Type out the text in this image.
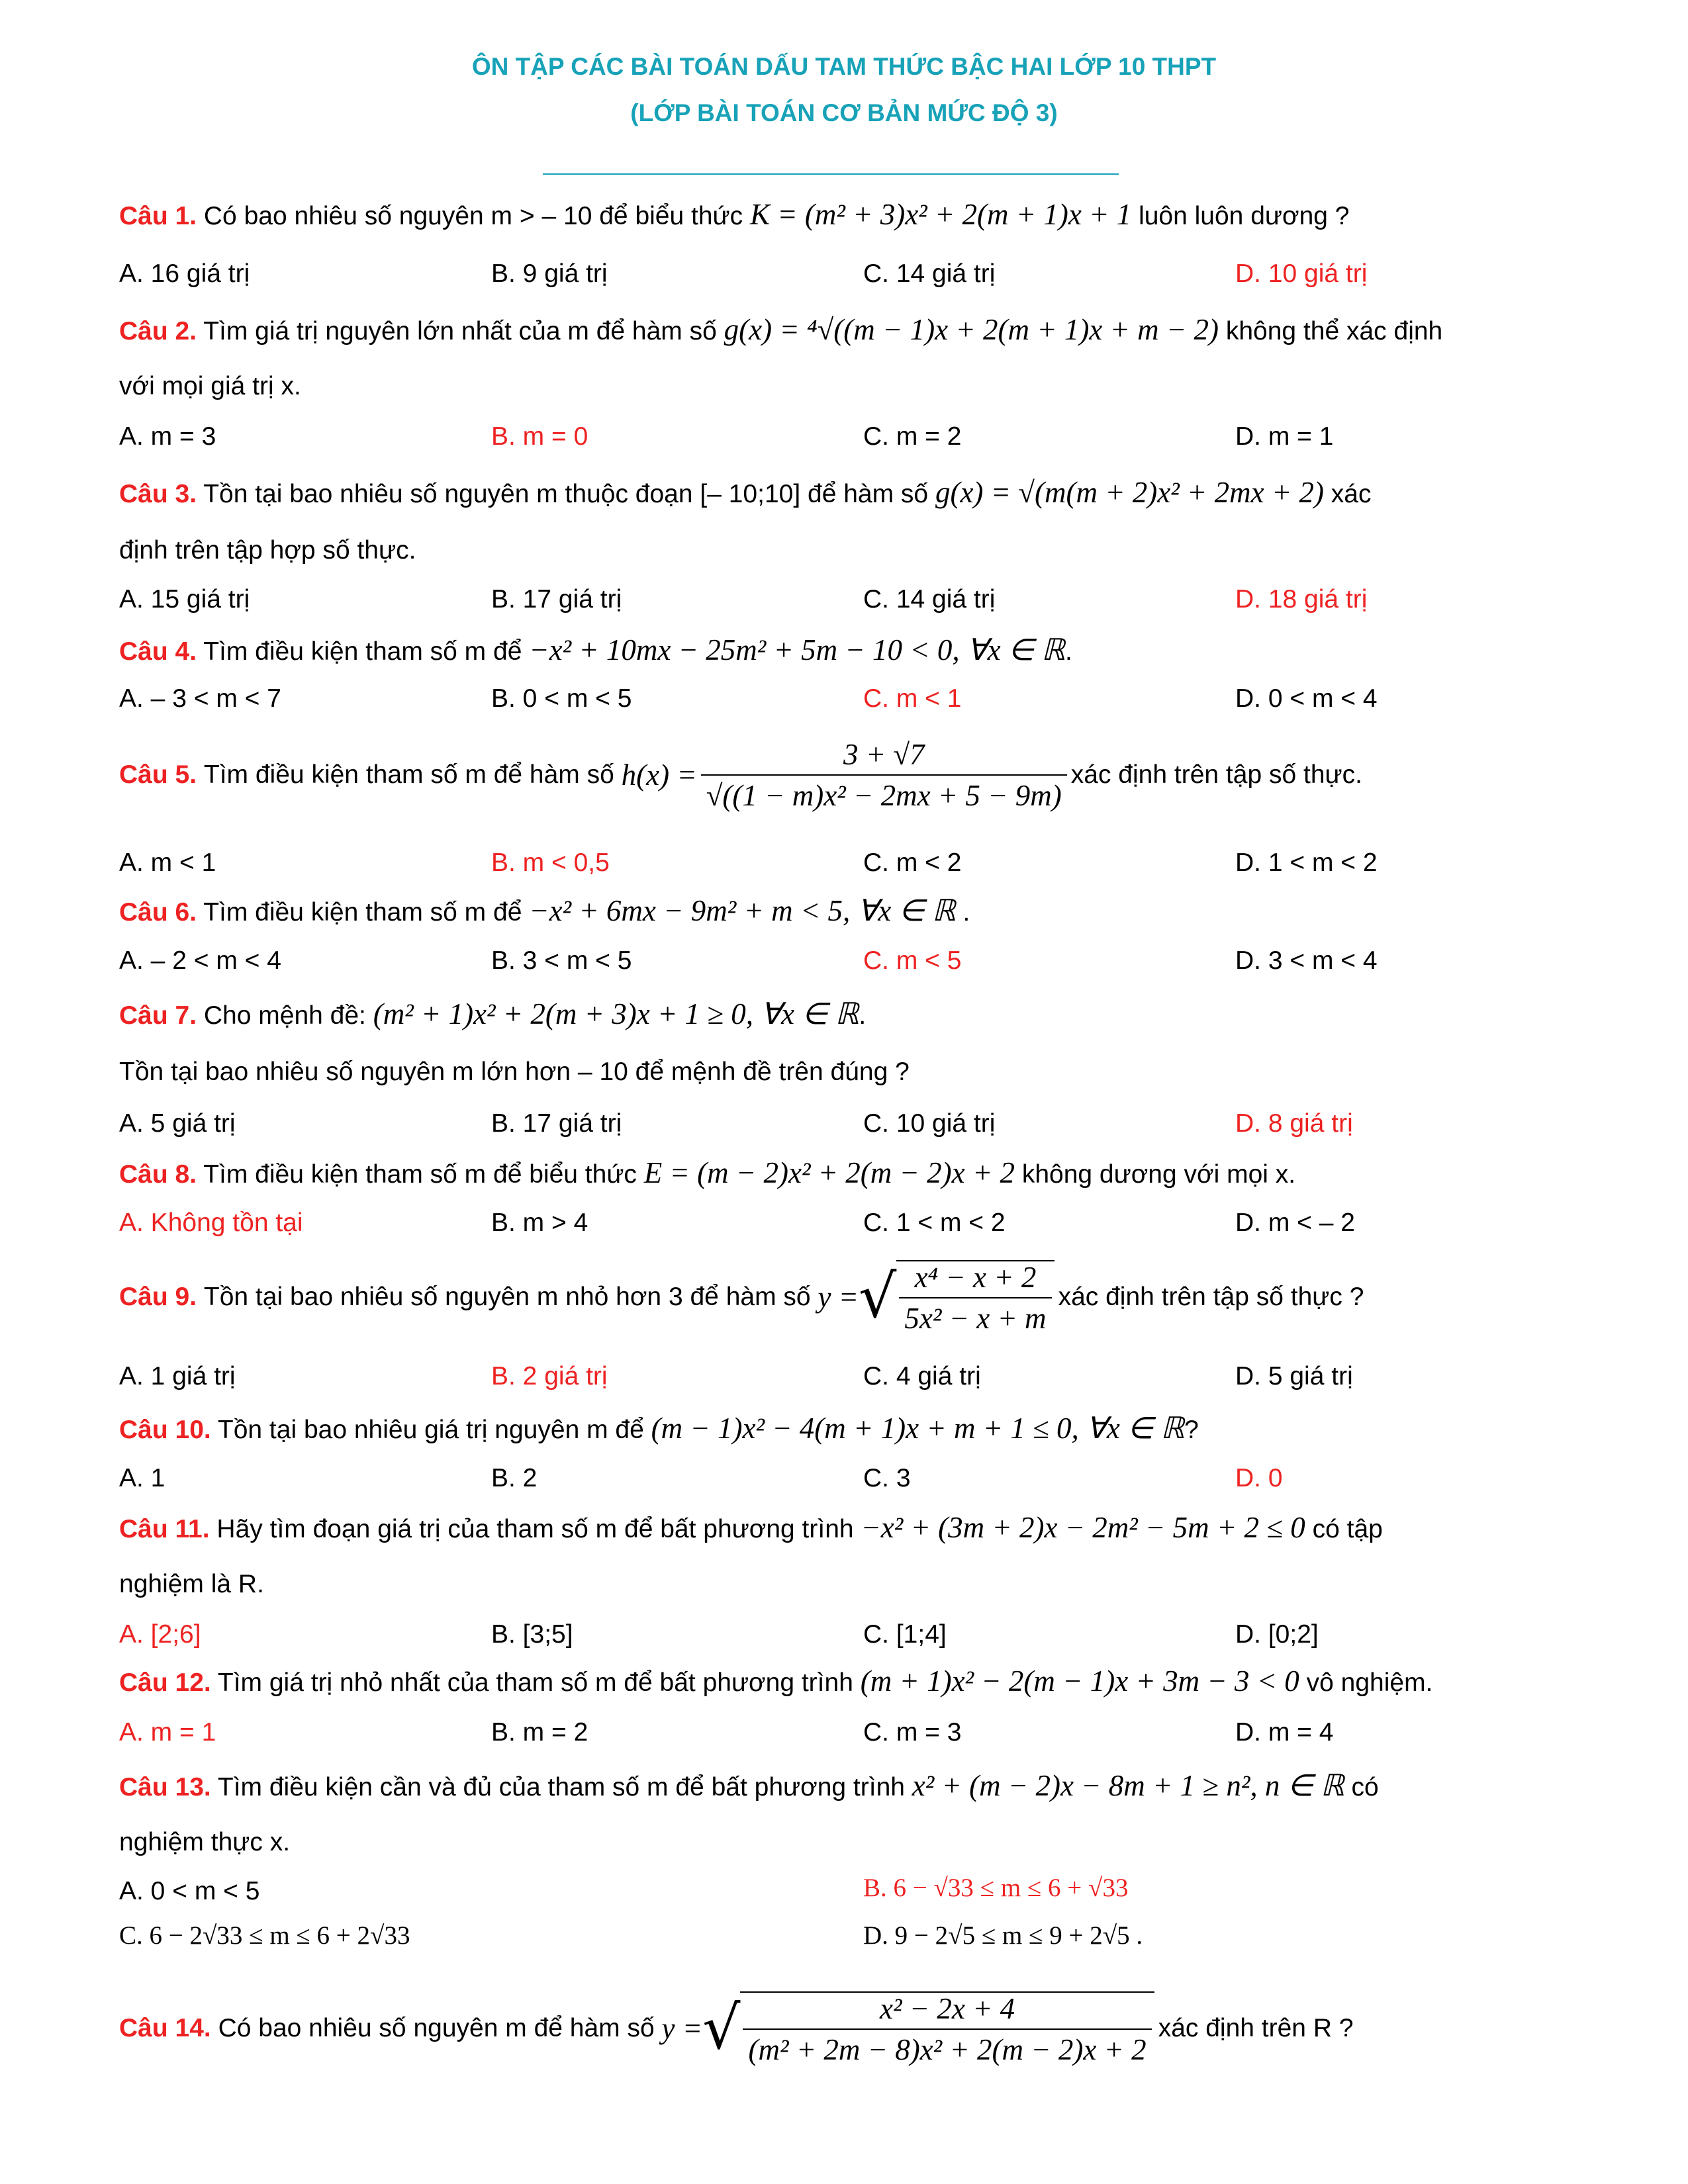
ÔN TẬP CÁC BÀI TOÁN DẤU TAM THỨC BẬC HAI LỚP 10 THPT
(LỚP BÀI TOÁN CƠ BẢN MỨC ĐỘ 3)
Câu 1. Có bao nhiêu số nguyên m > – 10 để biểu thức K = (m² + 3)x² + 2(m + 1)x + 1 luôn luôn dương ?
A. 16 giá trị	B. 9 giá trị	C. 14 giá trị	D. 10 giá trị
Câu 2. Tìm giá trị nguyên lớn nhất của m để hàm số g(x) = ⁴√((m − 1)x + 2(m + 1)x + m − 2) không thể xác định
với mọi giá trị x.
A. m = 3	B. m = 0	C. m = 2	D. m = 1
Câu 3. Tồn tại bao nhiêu số nguyên m thuộc đoạn [– 10;10] để hàm số g(x) = √(m(m + 2)x² + 2mx + 2) xác
định trên tập hợp số thực.
A. 15 giá trị	B. 17 giá trị	C. 14 giá trị	D. 18 giá trị
Câu 4. Tìm điều kiện tham số m để −x² + 10mx − 25m² + 5m − 10 < 0, ∀x ∈ ℝ.
A. – 3 < m < 7	B. 0 < m < 5	C. m < 1	D. 0 < m < 4
Câu 5.
Tìm điều kiện tham số m để hàm số
$h(x) = \frac{3 + √7}{\text{√((1 − m)x² − 2mx + 5 − 9m)}}$ xác định trên tập số thực.
A. m < 1	B. m < 0,5	C. m < 2	D. 1 < m < 2
Câu 6. Tìm điều kiện tham số m để −x² + 6mx − 9m² + m < 5, ∀x ∈ ℝ .
A. – 2 < m < 4	B. 3 < m < 5	C. m < 5	D. 3 < m < 4
Câu 7. Cho mệnh đề: (m² + 1)x² + 2(m + 3)x + 1 ≥ 0, ∀x ∈ ℝ.
Tồn tại bao nhiêu số nguyên m lớn hơn – 10 để mệnh đề trên đúng ?
A. 5 giá trị	B. 17 giá trị	C. 10 giá trị	D. 8 giá trị
Câu 8. Tìm điều kiện tham số m để biểu thức E = (m − 2)x² + 2(m − 2)x + 2 không dương với mọi x.
A. Không tồn tại	B. m > 4	C. 1 < m < 2	D. m < – 2
Câu 9.
Tồn tại bao nhiêu số nguyên m nhỏ hơn 3 để hàm số
y = √ $\frac{\text{x⁴ − x + 2}}{\text{5x² − x + m}}$ xác định trên tập số thực ?
A. 1 giá trị	B. 2 giá trị	C. 4 giá trị	D. 5 giá trị
Câu 10. Tồn tại bao nhiêu giá trị nguyên m để (m − 1)x² − 4(m + 1)x + m + 1 ≤ 0, ∀x ∈ ℝ?
A. 1	B. 2	C. 3	D. 0
Câu 11. Hãy tìm đoạn giá trị của tham số m để bất phương trình −x² + (3m + 2)x − 2m² − 5m + 2 ≤ 0 có tập
nghiệm là R.
A. [2;6]	B. [3;5]	C. [1;4]	D. [0;2]
Câu 12. Tìm giá trị nhỏ nhất của tham số m để bất phương trình (m + 1)x² − 2(m − 1)x + 3m − 3 < 0 vô nghiệm.
A. m = 1	B. m = 2	C. m = 3	D. m = 4
Câu 13. Tìm điều kiện cần và đủ của tham số m để bất phương trình x² + (m − 2)x − 8m + 1 ≥ n², n ∈ ℝ có
nghiệm thực x.
A. 0 < m < 5	B. 6 − √33 ≤ m ≤ 6 + √33
C. 6 − 2√33 ≤ m ≤ 6 + 2√33	D. 9 − 2√5 ≤ m ≤ 9 + 2√5 .
Câu 14.
Có bao nhiêu số nguyên m để hàm số
y = √ $\frac{\text{x² − 2x + 4}}{\text{(m² + 2m − 8)x² + 2(m − 2)x + 2}}$ xác định trên R ?
